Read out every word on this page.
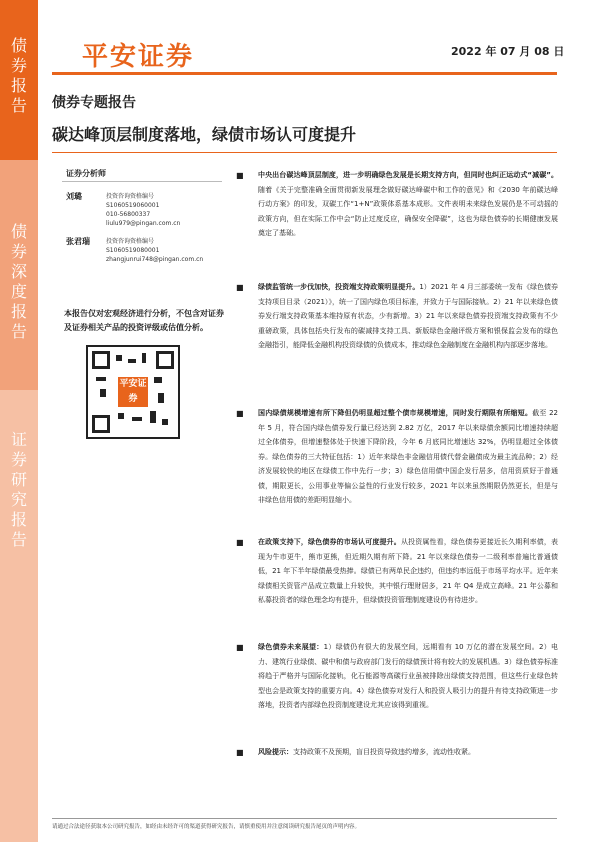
债券报告
债券深度报告
证券研究报告
平安证券	2022 年 07 月 08 日
债券专题报告
碳达峰顶层制度落地，绿债市场认可度提升
证券分析师
刘璐	投资咨询资格编号
S1060519060001
010-56800337
liulu979@pingan.com.cn
张君瑞	投资咨询资格编号
S1060519080001
zhangjunrui748@pingan.com.cn
本报告仅对宏观经济进行分析，不包含对证券及证券相关产品的投资评级或估值分析。
平安证券
■ 中央出台碳达峰顶层制度，进一步明确绿色发展是长期支持方向，但同时也纠正运动式“减碳”。随着《关于完整准确全面贯彻新发展理念做好碳达峰碳中和工作的意见》和《2030 年前碳达峰行动方案》的印发，双碳工作“1+N”政策体系基本成形。文件表明未来绿色发展仍是不可动摇的政策方向，但在实际工作中会“防止过度反应，确保安全降碳”，这也为绿色债券的长期健康发展奠定了基础。
■ 绿债监管统一步伐加快，投资端支持政策明显提升。1）2021 年 4 月三部委统一发布《绿色债券支持项目目录（2021）》，统一了国内绿色项目标准，并致力于与国际接轨。2）21 年以来绿色债券发行端支持政策基本维持原有状态，少有新增。3）21 年以来绿色债券投资端支持政策有不少重磅政策，具体包括央行发布的碳减排支持工具、新版绿色金融评级方案和银保监会发布的绿色金融指引，能降低金融机构投资绿债的负债成本，推动绿色金融制度在金融机构内部逐步落地。
■ 国内绿债规模增速有所下降但仍明显超过整个债市规模增速，同时发行期限有所缩短。截至 22 年 5 月，符合国内绿色债券发行量已经达到 2.82 万亿，2017 年以来绿债余额同比增速持续超过全体债券，但增速整体处于快速下降阶段，今年 6 月底同比增速达 32%，仍明显超过全体债券。绿色债券的三大特征包括：1）近年来绿色非金融信用债代替金融债成为最主流品种；2）经济发展较快的地区在绿债工作中先行一步；3）绿色信用债中国企发行居多，信用资质好于普通债，期限更长，公用事业等偏公益性的行业发行较多，2021 年以来虽然期限仍然更长，但是与非绿色信用债的差距明显缩小。
■ 在政策支持下，绿色债券的市场认可度提升。从投资属性看，绿色债券更接近长久期利率债，表现为牛市更牛，熊市更熊，但近期久期有所下降。21 年以来绿色债券一二级利率普遍比普通债低，21 年下半年绿债最受热捧。绿债已有两单民企违约，但违约率远低于市场平均水平。近年来绿债相关资管产品成立数量上升较快，其中银行理财居多，21 年 Q4 是成立高峰。21 年公募和私募投资者的绿色理念均有提升，但绿债投资管理制度建设仍有待进步。
■ 绿色债券未来展望：1）绿债仍有很大的发展空间，远期看有 10 万亿的潜在发展空间。2）电力、建筑行业绿债、碳中和债与政府部门发行的绿债预计将有较大的发展机遇。3）绿色债券标准将趋于严格并与国际化接轨，化石能源等高碳行业虽被排除出绿债支持范围，但这些行业绿色转型也会是政策支持的重要方向。4）绿色债券对发行人和投资人吸引力的提升有待支持政策进一步落地，投资者内部绿色投资制度建设尤其应该得到重视。
■ 风险提示：支持政策不及预期，盲目投资导致违约增多，流动性收紧。
请通过合法途径获取本公司研究报告，如经由未经许可的渠道获得研究报告，请慎重使用并注意阅读研究报告尾页的声明内容。
